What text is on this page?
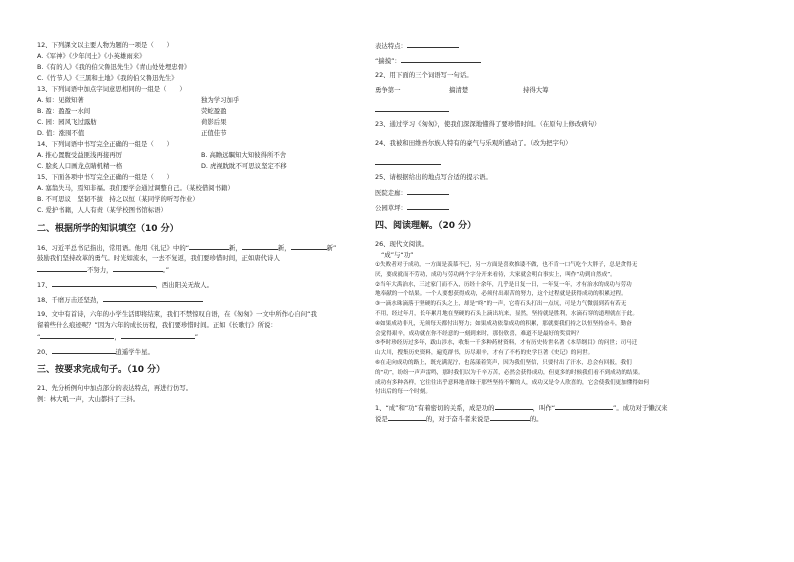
12、下列課文以主要人物为题的一项是（　　）
A.《军神》《少年闰土》《小英雄雨来》
B.《有的人》《我的伯父鲁迅先生》《青山处处埋忠骨》
C.《竹节人》《三黑和土地》《我的伯父鲁迅先生》
13、下列词语中加点字词意思相同的一组是（　　）
A. 如：见微知著	独为学习加乎
B. 盈：盈盈一水间	荧蛇盈盈
C. 园：园风飞过露舫	荷影后果
D. 值：涨囤不值	正值佳节
14、下列词语中书写完全正确的一组是（　　）
A. 推心置腹受益匪浅再接再厉	B. 高瞻远瞩知大知彼得所不舍
C. 脍炙人口画龙点睛机精一格	D. 虎视眈眈不可思议坚定不移
15、下面各项中书写完全正确的一组是（　　）
A. 塞翁失马，焉知非福。我们要学会通过调整自己。（某校借阅书籍）
B. 不可思议　坚韧不拔　持之以恒（某同学的听写作业）
C. 爱护书籍，人人有责（某学校图书馆标语）
二、根据所学的知识填空（10 分）
16、习近平总书记指出，常用语。他用《礼记》中的“	新，	新，	新”
鼓励我们坚持改革的勇气。时光如流水，一去不复返，我们要珍惜时间，正如唐代诗人
不努力，	。”
17、	，西出阳关无故人。
18、千磨万击还坚劲，
19、文中有首诗，六年的小学生活即将结束，我们不禁惊叹自语，在《匆匆》一文中所作心自问“我
留着些什么痕迹呢？”因为六年的成长历程，我们要珍惜时间。正如《长歌行》所说：
“	，	”
20、	逍遥学牛星。
三、按要求完成句子。（10 分）
21、先分析例句中加点部分的表达特点，再进行仿写。
例：林大吼一声，大山都抖了三抖。
表达特点：
“揣摸”：
22、用下面的三个词语写一句话。
勇争第一	搞清楚	持得大筹
23、通过学习《匆匆》，使我们深深地懂得了要珍惜时间。（在原句上修改病句）
24、我被和田维吾尔族人特有的豪气与乐观所感动了。（改为把字句）
25、请根据给出的地点写合适的提示语。
医院走廊：
公园草坪：
四、阅读理解。（20 分）
26、现代文阅读。
“成”与“功”
①失败者对于成功，一方面是羡慕不已，另一方面是喜欢推诿不做，也不肯一口气吃个大胖子，总是贪得无
厌，要成就而不劳功，成功与劳功两个字分开来看待，大家就会明白事实上，叫作“功到自然成”。
②当年大禹治水，三过家门而不入，历经十余年，几乎是日复一日，一年复一年，才有治水的成功与劳功
地奉献的一个结果。一个人要想获得成功，必须付出艰苦的努力，这个过程就是获得成功的积累过程。
③一滴水珠滴落于坚硬的石头之上，却是“咚”的一声，它将石头打出一点坑，可是力气微弱到若有若无
不用，经过年月，长年累月地在坚硬的石头上滴出坑来，显然，坚持就是胜利，水滴石穿的道理就在于此。
④如果成功非凡，无须每天都付出努力；如果成功依靠成功的积累，那就要我们持之以恒坚持奋斗，勤奋
会觉得艰辛，成功就在你不经意的一刻到来时，那份欣喜，难道不是最好的奖赏吗？
⑤李时珍经历过多年，跋山涉水，收集一千多种药材资料，才有历史传世名著《本草纲目》的问世；司马迁
山大川，搜集历史资料，遍览群书，历尽艰辛，才有了不朽的史学巨著《史记》的问世。
⑥在走向成功的路上，既充满泥泞，也荡漾着笑声，因为我们坚信，只要付出了汗水，总会有回报，我们
的“功”，纷纷一声声雷鸣，那时我们以为千辛万苦，必然会获得成功，但更多的时候我们看不到成功的结果。
成功有多种各样，它往往出乎意料地青睐于那些坚持不懈的人，成功又是令人欣喜的，它会使我们更加懂得如何
付出后的每一个时刻。
1、“成”和“功”有着密切的关系，成是功的	，叫作“	”。成功对于懒汉来
说是	的，对于奋斗者来说是	的。
